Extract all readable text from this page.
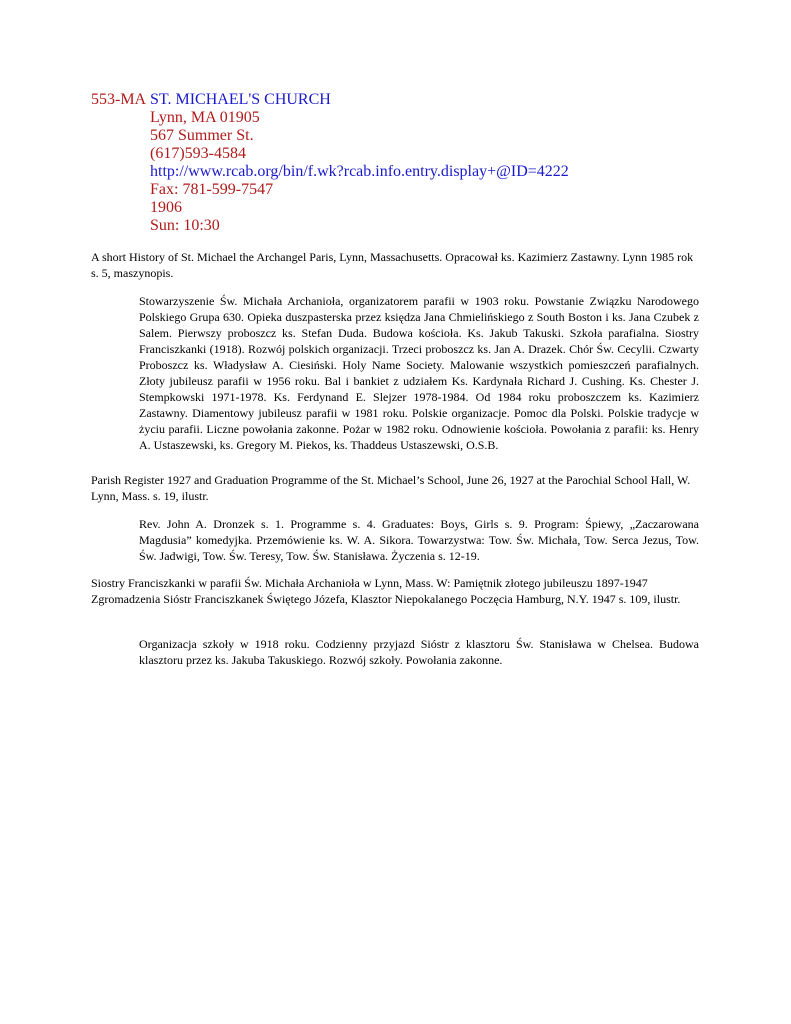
553-MA ST. MICHAEL'S CHURCH
Lynn, MA 01905
567 Summer St.
(617)593-4584
http://www.rcab.org/bin/f.wk?rcab.info.entry.display+@ID=4222
Fax: 781-599-7547
1906
Sun: 10:30

A short History of St. Michael the Archangel Paris, Lynn, Massachusetts. Opracował ks. Kazimierz Zastawny. Lynn 1985 rok s. 5, maszynopis.

Stowarzyszenie Św. Michała Archanioła, organizatorem parafii w 1903 roku. Powstanie Związku Narodowego Polskiego Grupa 630. Opieka duszpasterska przez księdza Jana Chmielińskiego z South Boston i ks. Jana Czubek z Salem. Pierwszy proboszcz ks. Stefan Duda. Budowa kościoła. Ks. Jakub Takuski. Szkoła parafialna. Siostry Franciszkanki (1918). Rozwój polskich organizacji. Trzeci proboszcz ks. Jan A. Drazek. Chór Św. Cecylii. Czwarty Proboszcz ks. Władysław A. Ciesiński. Holy Name Society. Malowanie wszystkich pomieszczeń parafialnych. Złoty jubileusz parafii w 1956 roku. Bal i bankiet z udziałem Ks. Kardynała Richard J. Cushing. Ks. Chester J. Stempkowski 1971-1978. Ks. Ferdynand E. Slejzer 1978-1984. Od 1984 roku proboszczem ks. Kazimierz Zastawny. Diamentowy jubileusz parafii w 1981 roku. Polskie organizacje. Pomoc dla Polski. Polskie tradycje w życiu parafii. Liczne powołania zakonne. Pożar w 1982 roku. Odnowienie kościoła. Powołania z parafii: ks. Henry A. Ustaszewski, ks. Gregory M. Piekos, ks. Thaddeus Ustaszewski, O.S.B.

Parish Register 1927 and Graduation Programme of the St. Michael’s School, June 26, 1927 at the Parochial School Hall, W. Lynn, Mass. s. 19, ilustr.

Rev. John A. Dronzek s. 1. Programme s. 4. Graduates: Boys, Girls s. 9. Program: Śpiewy, „Zaczarowana Magdusia” komedyjka. Przemówienie ks. W. A. Sikora. Towarzystwa: Tow. Św. Michała, Tow. Serca Jezus, Tow. Św. Jadwigi, Tow. Św. Teresy, Tow. Św. Stanisława. Życzenia s. 12-19.

Siostry Franciszkanki w parafii Św. Michała Archanioła w Lynn, Mass. W: Pamiętnik złotego jubileuszu 1897-1947 Zgromadzenia Sióstr Franciszkanek Świętego Józefa, Klasztor Niepokalanego Poczęcia Hamburg, N.Y. 1947 s. 109, ilustr.

Organizacja szkoły w 1918 roku. Codzienny przyjazd Sióstr z klasztoru Św. Stanisława w Chelsea. Budowa klasztoru przez ks. Jakuba Takuskiego. Rozwój szkoły. Powołania zakonne.
